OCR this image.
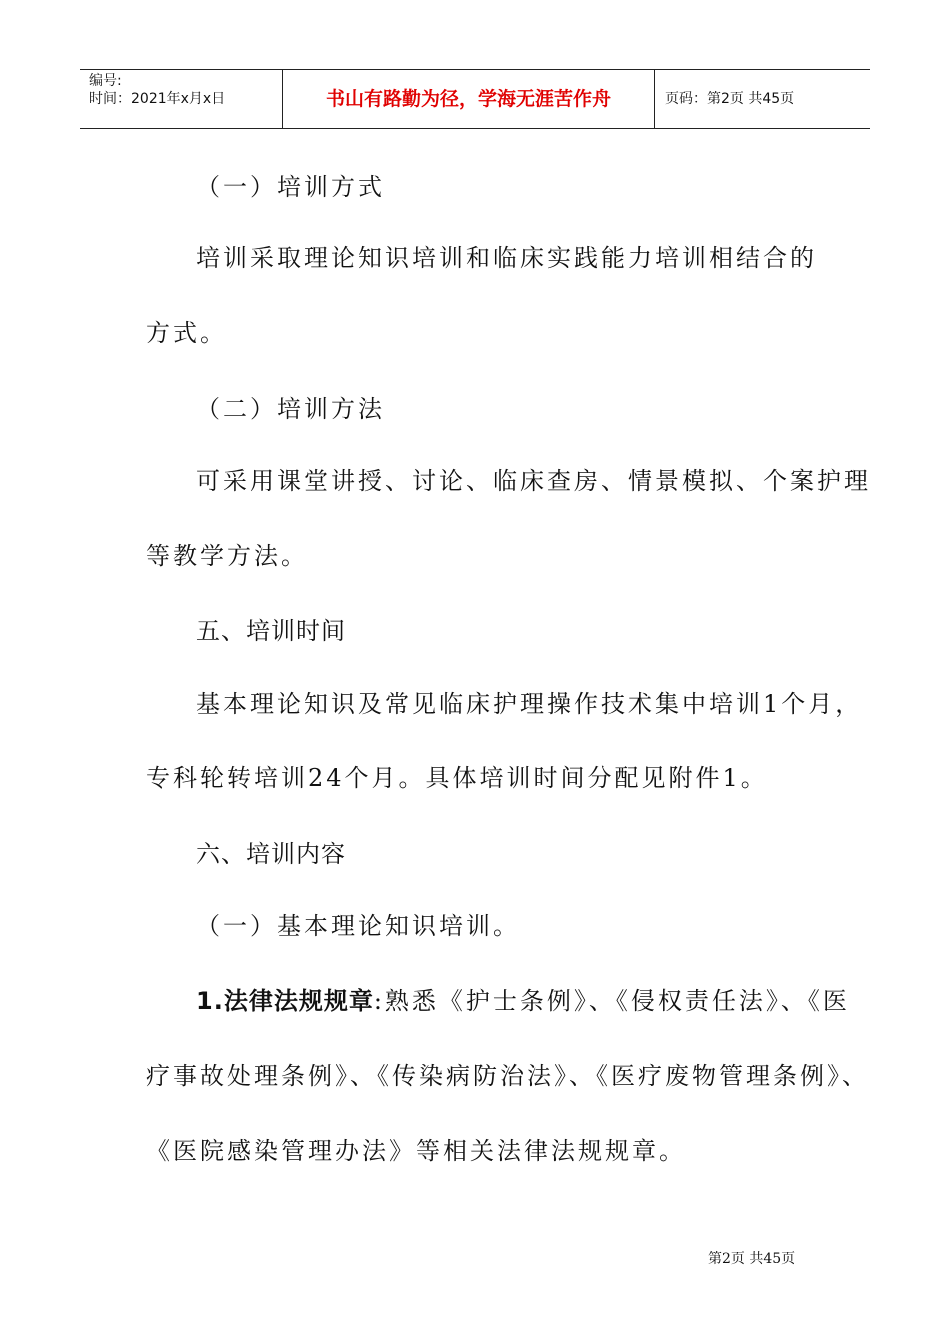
编号:
时间：2021年x月x日	书山有路勤为径，学海无涯苦作舟	页码：第2页 共45页
（一）培训方式
培训采取理论知识培训和临床实践能力培训相结合的
方式。
（二）培训方法
可采用课堂讲授、讨论、临床查房、情景模拟、个案护理
等教学方法。
五、培训时间
基本理论知识及常见临床护理操作技术集中培训1个月，
专科轮转培训24个月。具体培训时间分配见附件1。
六、培训内容
（一）基本理论知识培训。
1.法律法规规章:熟悉《护士条例》、《侵权责任法》、《医
疗事故处理条例》、《传染病防治法》、《医疗废物管理条例》、
《医院感染管理办法》等相关法律法规规章。
第2页 共45页
